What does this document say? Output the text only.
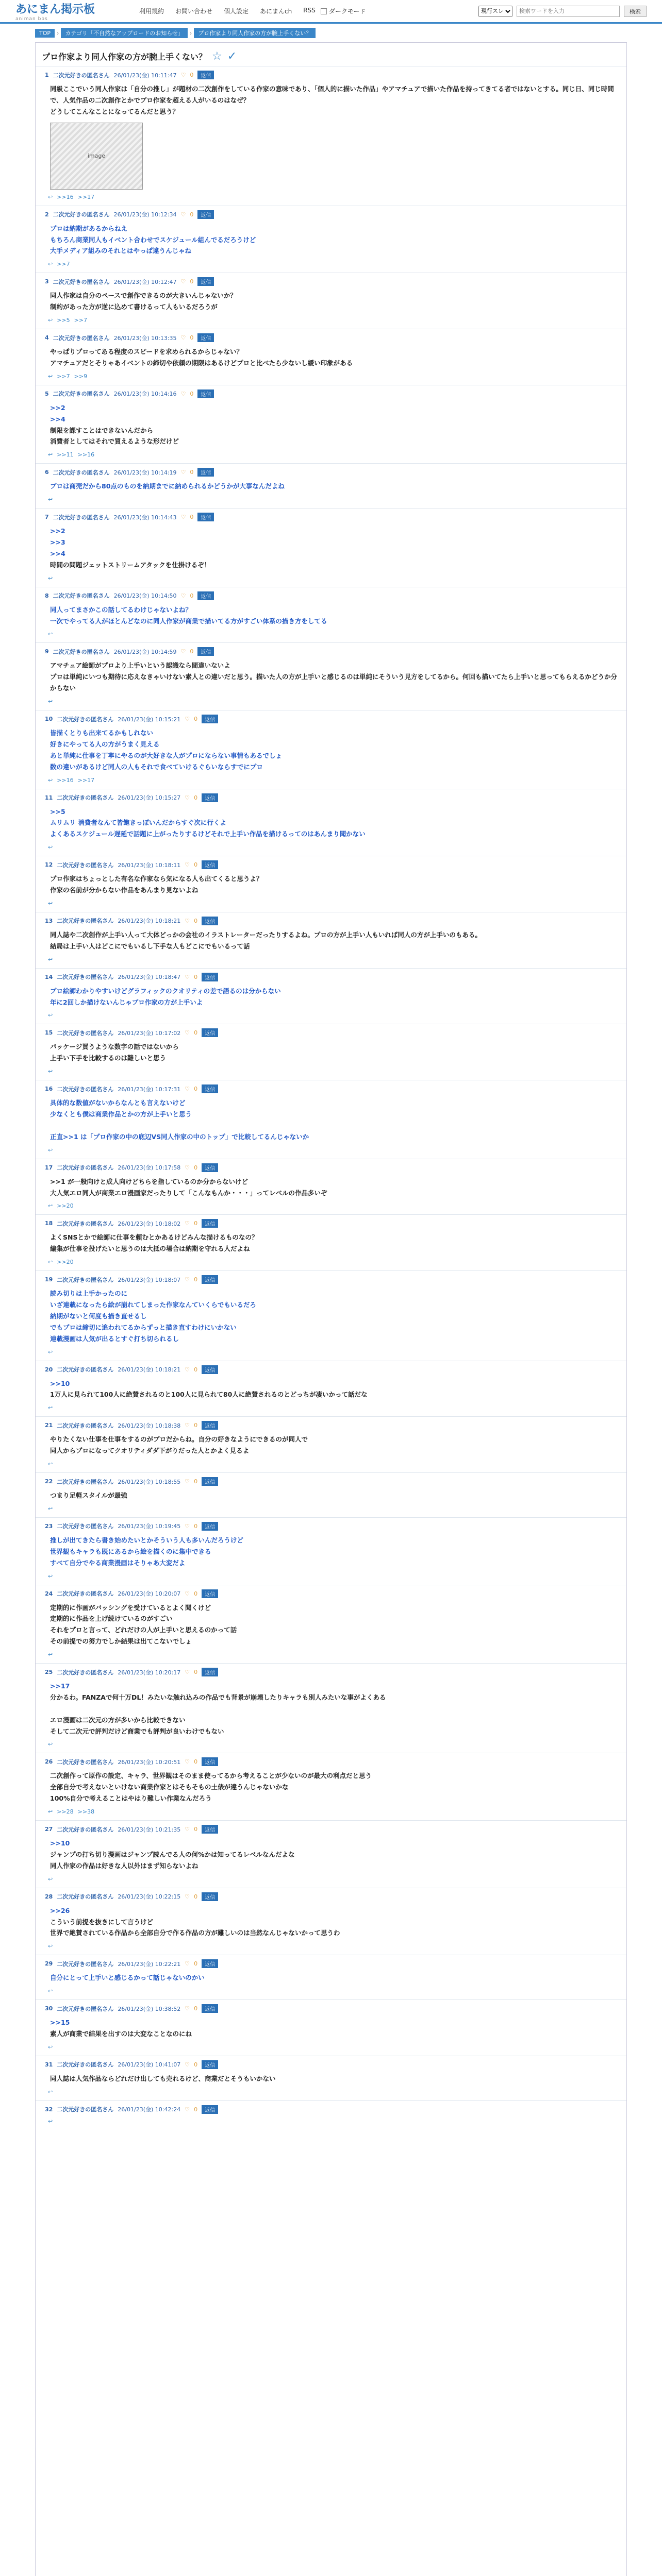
あにまん掲示板
animan bbs
利用規約 お問い合わせ 個人設定 あにまんch RSS ダークモード
現行スレ
検索ワードを入力	検索
TOP	›	カテゴリ「不自然なアップロードのお知らせ」	›	プロ作家より同人作家の方が腕上手くない？
プロ作家より同人作家の方が腕上手くない？ ☆ ✓
1 二次元好きの匿名さん 26/01/23(金) 10:11:47 ♡ 0	返信
同級ここでいう同人作家は「自分の推し」が題材の二次創作をしている作家の意味であり、「個人的に描いた作品」やアマチュアで描いた作品を持ってきてる者ではないとする。同じ日、同じ時間で、人気作品の二次創作とかでプロ作家を超える人がいるのはなぜ？
どうしてこんなことになってるんだと思う？
image
↩ >>16 >>17
2 二次元好きの匿名さん 26/01/23(金) 10:12:34 ♡ 0	返信
プロは納期があるからねえ
もちろん商業同人もイベント合わせでスケジュール組んでるだろうけど
大手メディア組みのそれとはやっぱ違うんじゃね
↩ >>7
3 二次元好きの匿名さん 26/01/23(金) 10:12:47 ♡ 0	返信
同人作家は自分のペースで創作できるのが大きいんじゃないか？
制約があった方が逆に込めて書けるって人もいるだろうが
↩ >>5 >>7
4 二次元好きの匿名さん 26/01/23(金) 10:13:35 ♡ 0	返信
やっぱりプロってある程度のスピードを求められるからじゃない？
アマチュアだとそりゃあイベントの締切や依頼の期限はあるけどプロと比べたら少ないし緩い印象がある
↩ >>7 >>9
5 二次元好きの匿名さん 26/01/23(金) 10:14:16 ♡ 0	返信
>>2
>>4
制限を課すことはできないんだから
消費者としてはそれで買えるような形だけど
↩ >>11 >>16
6 二次元好きの匿名さん 26/01/23(金) 10:14:19 ♡ 0	返信
プロは商売だから80点のものを納期までに納められるかどうかが大事なんだよね
↩
7 二次元好きの匿名さん 26/01/23(金) 10:14:43 ♡ 0	返信
>>2
>>3
>>4
時間の問題ジェットストリームアタックを仕掛けるぞ！
↩
8 二次元好きの匿名さん 26/01/23(金) 10:14:50 ♡ 0	返信
同人ってまさかこの話してるわけじゃないよね？
一次でやってる人がほとんどなのに同人作家が商業で描いてる方がすごい体系の描き方をしてる
↩
9 二次元好きの匿名さん 26/01/23(金) 10:14:59 ♡ 0	返信
アマチュア絵師がプロより上手いという認識なら間違いないよ
プロは単純にいつも期待に応えなきゃいけない素人との違いだと思う。描いた人の方が上手いと感じるのは単純にそういう見方をしてるから。何回も描いてたら上手いと思ってもらえるかどうか分からない
↩
10 二次元好きの匿名さん 26/01/23(金) 10:15:21 ♡ 0	返信
皆描くとりも出来てるかもしれない
好きにやってる人の方がうまく見える
あと単純に仕事を丁寧にやるのが大好きな人がプロにならない事情もあるでしょ
数の違いがあるけど同人の人もそれで食べていけるぐらいならすでにプロ
↩ >>16 >>17
11 二次元好きの匿名さん 26/01/23(金) 10:15:27 ♡ 0	返信
>>5
ムリムリ 消費者なんて皆飽きっぽいんだからすぐ次に行くよ
よくあるスケジュール遅延で話題に上がったりするけどそれで上手い作品を描けるってのはあんまり聞かない
↩
12 二次元好きの匿名さん 26/01/23(金) 10:18:11 ♡ 0	返信
プロ作家はちょっとした有名な作家なら気になる人も出てくると思うよ？
作家の名前が分からない作品をあんまり見ないよね
↩
13 二次元好きの匿名さん 26/01/23(金) 10:18:21 ♡ 0	返信
同人誌や二次創作が上手い人って大体どっかの会社のイラストレーターだったりするよね。プロの方が上手い人もいれば同人の方が上手いのもある。
結局は上手い人はどこにでもいるし下手な人もどこにでもいるって話
↩
14 二次元好きの匿名さん 26/01/23(金) 10:18:47 ♡ 0	返信
プロ絵師わかりやすいけどグラフィックのクオリティの差で語るのは分からない
年に2回しか描けないんじゃプロ作家の方が上手いよ
↩
15 二次元好きの匿名さん 26/01/23(金) 10:17:02 ♡ 0	返信
パッケージ買うような数字の話ではないから
上手い下手を比較するのは難しいと思う
↩
16 二次元好きの匿名さん 26/01/23(金) 10:17:31 ♡ 0	返信
具体的な数値がないからなんとも言えないけど
少なくとも僕は商業作品とかの方が上手いと思う

正直>>1 は「プロ作家の中の底辺VS同人作家の中のトップ」で比較してるんじゃないか
↩
17 二次元好きの匿名さん 26/01/23(金) 10:17:58 ♡ 0	返信
>>1 が一般向けと成人向けどちらを指しているのか分からないけど
大人気エロ同人が商業エロ漫画家だったりして「こんなもんか・・・」ってレベルの作品多いぞ
↩ >>20
18 二次元好きの匿名さん 26/01/23(金) 10:18:02 ♡ 0	返信
よくSNSとかで絵師に仕事を頼むとかあるけどみんな描けるものなの？
編集が仕事を投げたいと思うのは大抵の場合は納期を守れる人だよね
↩ >>20
19 二次元好きの匿名さん 26/01/23(金) 10:18:07 ♡ 0	返信
読み切りは上手かったのに
いざ連載になったら絵が崩れてしまった作家なんていくらでもいるだろ
納期がないと何度も描き直せるし
でもプロは締切に追われてるからずっと描き直すわけにいかない
連載漫画は人気が出るとすぐ打ち切られるし
↩
20 二次元好きの匿名さん 26/01/23(金) 10:18:21 ♡ 0	返信
>>10
1万人に見られて100人に絶賛されるのと100人に見られて80人に絶賛されるのとどっちが凄いかって話だな
↩
21 二次元好きの匿名さん 26/01/23(金) 10:18:38 ♡ 0	返信
やりたくない仕事を仕事をするのがプロだからね。自分の好きなようにできるのが同人で
同人からプロになってクオリティダダ下がりだった人とかよく見るよ
↩
22 二次元好きの匿名さん 26/01/23(金) 10:18:55 ♡ 0	返信
つまり足軽スタイルが最強
↩
23 二次元好きの匿名さん 26/01/23(金) 10:19:45 ♡ 0	返信
推しが出てきたら書き始めたいとかそういう人も多いんだろうけど
世界観もキャラも既にあるから絵を描くのに集中できる
すべて自分でやる商業漫画はそりゃあ大変だよ
↩
24 二次元好きの匿名さん 26/01/23(金) 10:20:07 ♡ 0	返信
定期的に作画がバッシングを受けているとよく聞くけど
定期的に作品を上げ続けているのがすごい
それをプロと言って、どれだけの人が上手いと思えるのかって話
その前提での努力でしか結果は出てこないでしょ
↩
25 二次元好きの匿名さん 26/01/23(金) 10:20:17 ♡ 0	返信
>>17
分かるわ。FANZAで何十万DL！みたいな触れ込みの作品でも背景が崩壊したりキャラも別人みたいな事がよくある

エロ漫画は二次元の方が多いから比較できない
そして二次元で評判だけど商業でも評判が良いわけでもない
↩
26 二次元好きの匿名さん 26/01/23(金) 10:20:51 ♡ 0	返信
二次創作って原作の設定、キャラ、世界観はそのまま使ってるから考えることが少ないのが最大の利点だと思う
全部自分で考えないといけない商業作家とはそもそもの土俵が違うんじゃないかな
100%自分で考えることはやはり難しい作業なんだろう
↩ >>28 >>38
27 二次元好きの匿名さん 26/01/23(金) 10:21:35 ♡ 0	返信
>>10
ジャンプの打ち切り漫画はジャンプ読んでる人の何%かは知ってるレベルなんだよな
同人作家の作品は好きな人以外はまず知らないよね
↩
28 二次元好きの匿名さん 26/01/23(金) 10:22:15 ♡ 0	返信
>>26
こういう前提を抜きにして言うけど
世界で絶賛されている作品から全部自分で作る作品の方が難しいのは当然なんじゃないかって思うわ
↩
29 二次元好きの匿名さん 26/01/23(金) 10:22:21 ♡ 0	返信
自分にとって上手いと感じるかって話じゃないのかい
↩
30 二次元好きの匿名さん 26/01/23(金) 10:38:52 ♡ 0	返信
>>15
素人が商業で結果を出すのは大変なことなのにね
↩
31 二次元好きの匿名さん 26/01/23(金) 10:41:07 ♡ 0	返信
同人誌は人気作品ならどれだけ出しても売れるけど、商業だとそうもいかない
↩
32 二次元好きの匿名さん 26/01/23(金) 10:42:24 ♡ 0	返信
↩
